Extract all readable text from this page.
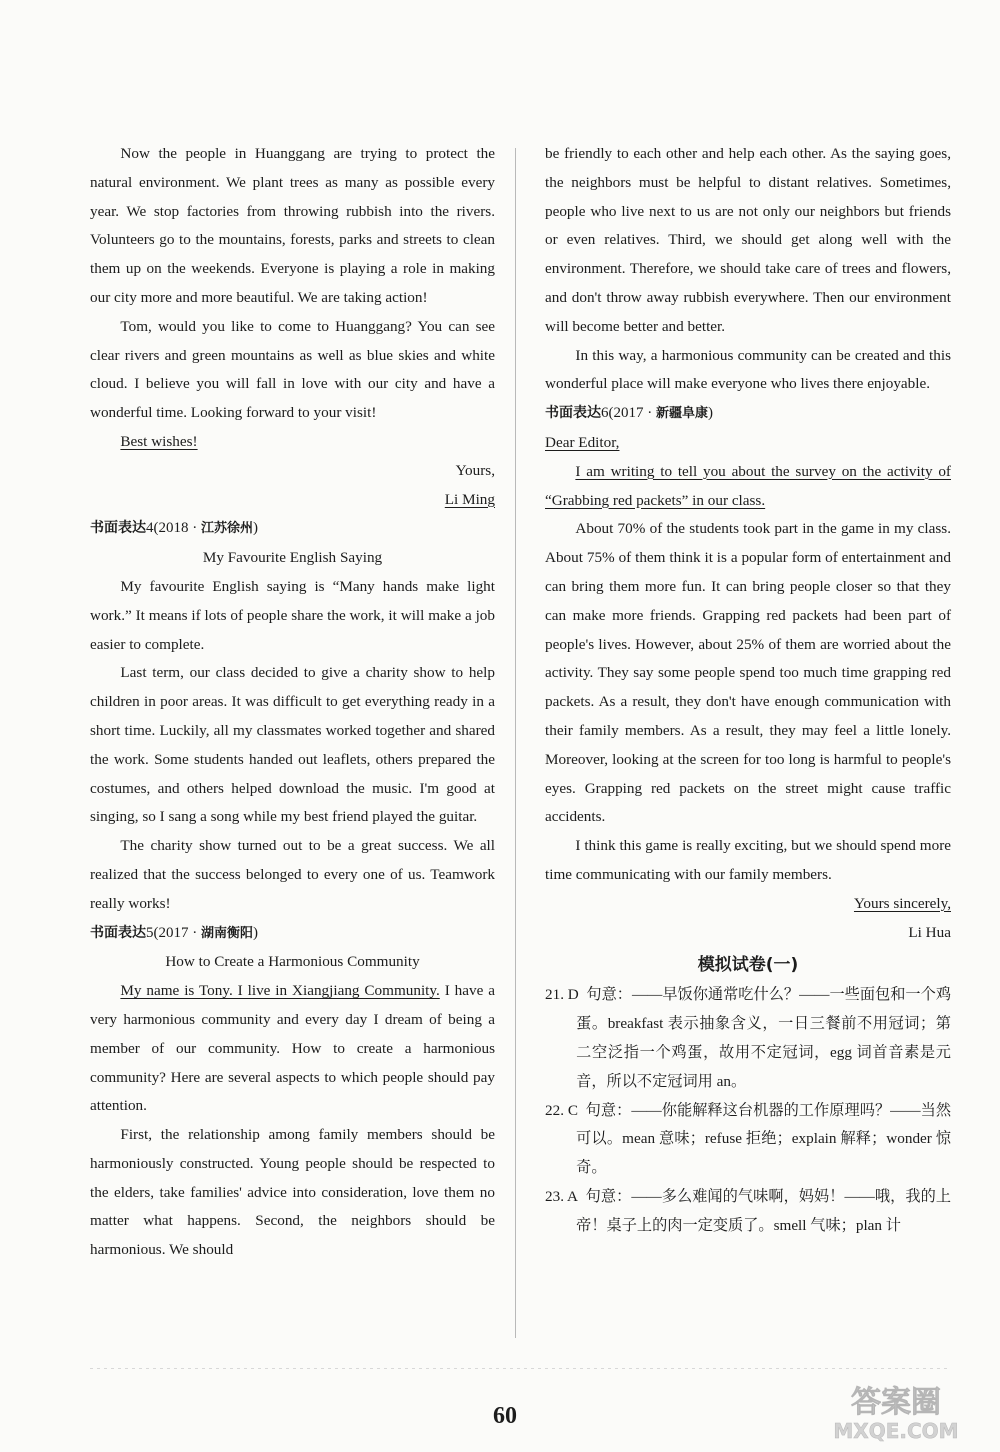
Now the people in Huanggang are trying to protect the natural environment. We plant trees as many as possible every year. We stop factories from throwing rubbish into the rivers. Volunteers go to the mountains, forests, parks and streets to clean them up on the weekends. Everyone is playing a role in making our city more and more beautiful. We are taking action!

Tom, would you like to come to Huanggang? You can see clear rivers and green mountains as well as blue skies and white cloud. I believe you will fall in love with our city and have a wonderful time. Looking forward to your visit!

Best wishes!

Yours,

Li Ming

书面表达4(2018 · 江苏徐州)

My Favourite English Saying

My favourite English saying is “Many hands make light work.” It means if lots of people share the work, it will make a job easier to complete.

Last term, our class decided to give a charity show to help children in poor areas. It was difficult to get everything ready in a short time. Luckily, all my classmates worked together and shared the work. Some students handed out leaflets, others prepared the costumes, and others helped download the music. I'm good at singing, so I sang a song while my best friend played the guitar.

The charity show turned out to be a great success. We all realized that the success belonged to every one of us. Teamwork really works!

书面表达5(2017 · 湖南衡阳)

How to Create a Harmonious Community

My name is Tony. I live in Xiangjiang Community. I have a very harmonious community and every day I dream of being a member of our community. How to create a harmonious community? Here are several aspects to which people should pay attention.

First, the relationship among family members should be harmoniously constructed. Young people should be respected to the elders, take families' advice into consideration, love them no matter what happens. Second, the neighbors should be harmonious. We should

be friendly to each other and help each other. As the saying goes, the neighbors must be helpful to distant relatives. Sometimes, people who live next to us are not only our neighbors but friends or even relatives. Third, we should get along well with the environment. Therefore, we should take care of trees and flowers, and don't throw away rubbish everywhere. Then our environment will become better and better.

In this way, a harmonious community can be created and this wonderful place will make everyone who lives there enjoyable.

书面表达6(2017 · 新疆阜康)

Dear Editor,

I am writing to tell you about the survey on the activity of “Grabbing red packets” in our class.

About 70% of the students took part in the game in my class. About 75% of them think it is a popular form of entertainment and can bring them more fun. It can bring people closer so that they can make more friends. Grapping red packets had been part of people's lives. However, about 25% of them are worried about the activity. They say some people spend too much time grapping red packets. As a result, they don't have enough communication with their family members. As a result, they may feel a little lonely. Moreover, looking at the screen for too long is harmful to people's eyes. Grapping red packets on the street might cause traffic accidents.

I think this game is really exciting, but we should spend more time communicating with our family members.

Yours sincerely,

Li Hua

模拟试卷(一)

21. D 句意：——早饭你通常吃什么？——一些面包和一个鸡蛋。breakfast 表示抽象含义，一日三餐前不用冠词；第二空泛指一个鸡蛋，故用不定冠词，egg 词首音素是元音，所以不定冠词用 an。

22. C 句意：——你能解释这台机器的工作原理吗？——当然可以。mean 意味；refuse 拒绝；explain 解释；wonder 惊奇。

23. A 句意：——多么难闻的气味啊，妈妈！——哦，我的上帝！桌子上的肉一定变质了。smell 气味；plan 计

60	答案圈
MXQE.COM
